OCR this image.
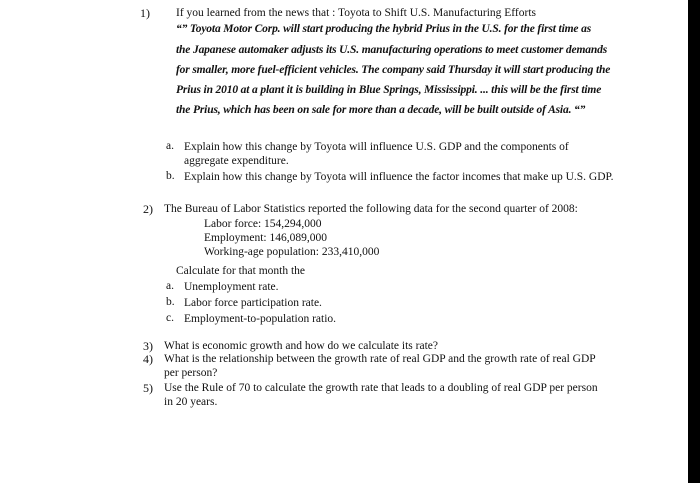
1) If you learned from the news that : Toyota to Shift U.S. Manufacturing Efforts
“” Toyota Motor Corp. will start producing the hybrid Prius in the U.S. for the first time as
the Japanese automaker adjusts its U.S. manufacturing operations to meet customer demands
for smaller, more fuel-efficient vehicles. The company said Thursday it will start producing the
Prius in 2010 at a plant it is building in Blue Springs, Mississippi. ... this will be the first time
the Prius, which has been on sale for more than a decade, will be built outside of Asia. “”
a. Explain how this change by Toyota will influence U.S. GDP and the components of
aggregate expenditure.
b. Explain how this change by Toyota will influence the factor incomes that make up U.S. GDP.
2) The Bureau of Labor Statistics reported the following data for the second quarter of 2008:
Labor force: 154,294,000
Employment: 146,089,000
Working-age population: 233,410,000
Calculate for that month the
a. Unemployment rate.
b. Labor force participation rate.
c. Employment-to-population ratio.
3) What is economic growth and how do we calculate its rate?
4) What is the relationship between the growth rate of real GDP and the growth rate of real GDP
per person?
5) Use the Rule of 70 to calculate the growth rate that leads to a doubling of real GDP per person
in 20 years.
